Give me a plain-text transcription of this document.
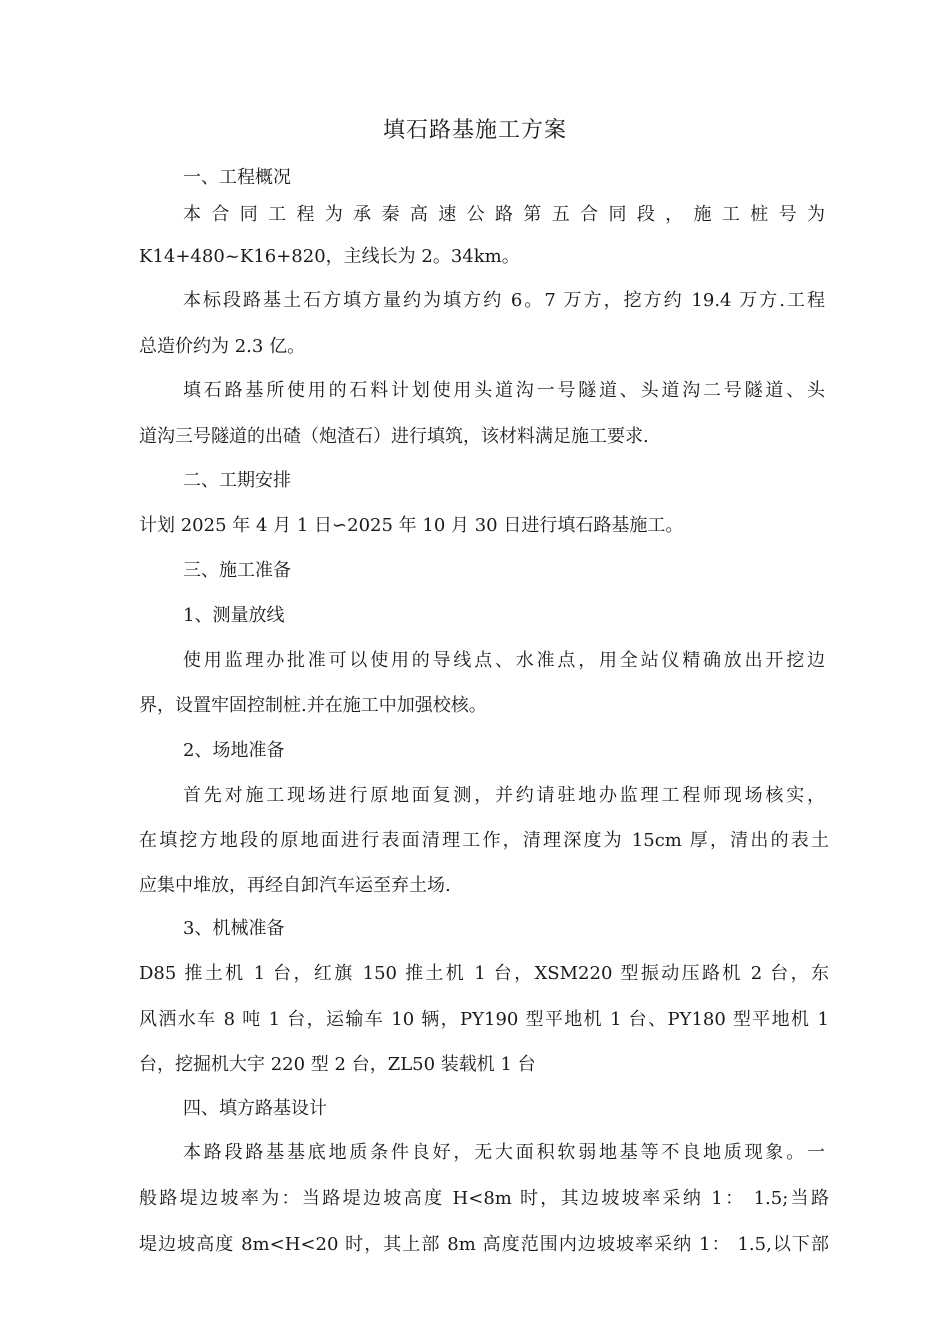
填石路基施工方案
一、工程概况
本 合 同 工 程 为 承 秦 高 速 公 路 第 五 合 同 段 ， 施 工 桩 号 为
K14+480~K16+820，主线长为 2。34km。
本标段路基土石方填方量约为填方约 6。7 万方，挖方约 19.4 万方.工程
总造价约为 2.3 亿。
填石路基所使用的石料计划使用头道沟一号隧道、头道沟二号隧道、头
道沟三号隧道的出碴（炮渣石）进行填筑，该材料满足施工要求.
二、工期安排
计划 2025 年 4 月 1 日∽2025 年 10 月 30 日进行填石路基施工。
三、施工准备
1、测量放线
使用监理办批准可以使用的导线点、水准点，用全站仪精确放出开挖边
界，设置牢固控制桩.并在施工中加强校核。
2、场地准备
首先对施工现场进行原地面复测，并约请驻地办监理工程师现场核实，
在填挖方地段的原地面进行表面清理工作，清理深度为 15cm 厚，清出的表土
应集中堆放，再经自卸汽车运至弃土场.
3、机械准备
D85 推土机 1 台，红旗 150 推土机 1 台，XSM220 型振动压路机 2 台，东
风洒水车 8 吨 1 台，运输车 10 辆，PY190 型平地机 1 台、PY180 型平地机 1
台，挖掘机大宇 220 型 2 台，ZL50 装载机 1 台
四、填方路基设计
本路段路基基底地质条件良好，无大面积软弱地基等不良地质现象。一
般路堤边坡率为：当路堤边坡高度 H<8m 时，其边坡坡率采纳 1： 1.5;当路
堤边坡高度 8m<H<20 时，其上部 8m 高度范围内边坡坡率采纳 1： 1.5,以下部
